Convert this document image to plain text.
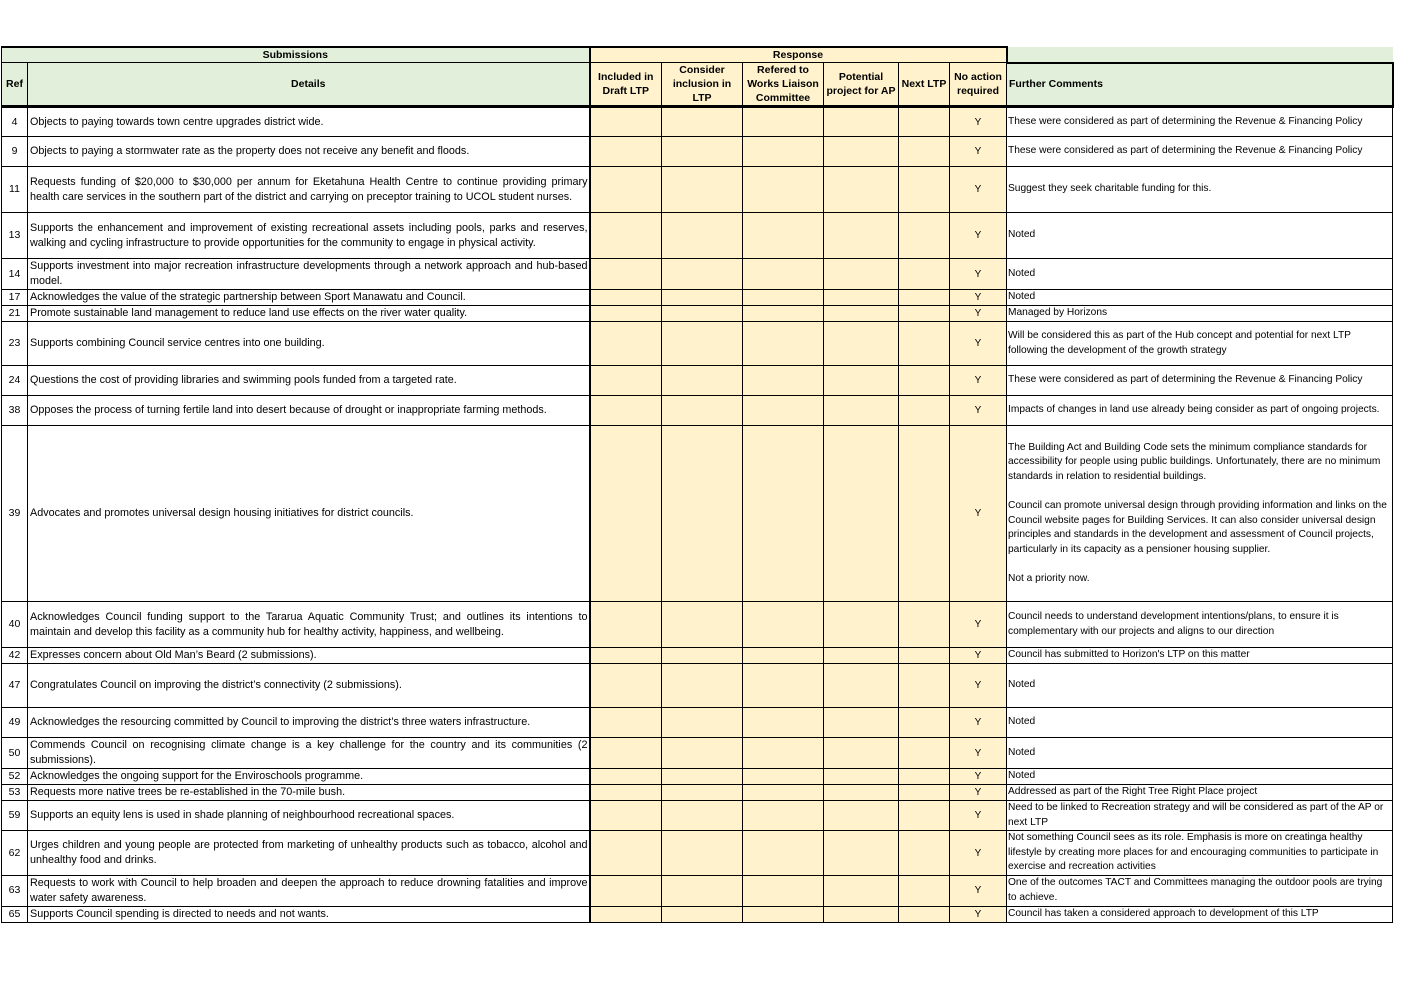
Submissions		Response						
Ref	Details	Included in Draft LTP	Consider inclusion in LTP	Refered to Works Liaison Committee	Potential project for AP	Next LTP	No action required	Further Comments
4	Objects to paying towards town centre upgrades district wide.						Y	These were considered as part of determining the Revenue & Financing Policy
9	Objects to paying a stormwater rate as the property does not receive any benefit and floods.						Y	These were considered as part of determining the Revenue & Financing Policy
11	Requests funding of $20,000 to $30,000 per annum for Eketahuna Health Centre to continue providing primary health care services in the southern part of the district and carrying on preceptor training to UCOL student nurses.						Y	Suggest they seek charitable funding for this.
13	Supports the enhancement and improvement of existing recreational assets including pools, parks and reserves, walking and cycling infrastructure to provide opportunities for the community to engage in physical activity.						Y	Noted
14	Supports investment into major recreation infrastructure developments through a network approach and hub-based model.						Y	Noted
17	Acknowledges the value of the strategic partnership between Sport Manawatu and Council.						Y	Noted
21	Promote sustainable land management to reduce land use effects on the river water quality.						Y	Managed by Horizons
23	Supports combining Council service centres into one building.						Y	Will be considered this as part of the Hub concept and potential for next LTP following the development of the growth strategy
24	Questions the cost of providing libraries and swimming pools funded from a targeted rate.						Y	These were considered as part of determining the Revenue & Financing Policy
38	Opposes the process of turning fertile land into desert because of drought or inappropriate farming methods.						Y	Impacts of changes in land use already being consider as part of ongoing projects.
39	Advocates and promotes universal design housing initiatives for district councils.						Y	The Building Act and Building Code sets the minimum compliance standards for accessibility for people using public buildings. Unfortunately, there are no minimum standards in relation to residential buildings.

Council can promote universal design through providing information and links on the Council website pages for Building Services. It can also consider universal design principles and standards in the development and assessment of Council projects, particularly in its capacity as a pensioner housing supplier.

Not a priority now.
40	Acknowledges Council funding support to the Tararua Aquatic Community Trust; and outlines its intentions to maintain and develop this facility as a community hub for healthy activity, happiness, and wellbeing.						Y	Council needs to understand development intentions/plans, to ensure it is complementary with our projects and aligns to our direction
42	Expresses concern about Old Man’s Beard (2 submissions).						Y	Council has submitted to Horizon's LTP on this matter
47	Congratulates Council on improving the district’s connectivity (2 submissions).						Y	Noted
49	Acknowledges the resourcing committed by Council to improving the district’s three waters infrastructure.						Y	Noted
50	Commends Council on recognising climate change is a key challenge for the country and its communities (2 submissions).						Y	Noted
52	Acknowledges the ongoing support for the Enviroschools programme.						Y	Noted
53	Requests more native trees be re-established in the 70-mile bush.						Y	Addressed as part of the Right Tree Right Place project
59	Supports an equity lens is used in shade planning of neighbourhood recreational spaces.						Y	Need to be linked to Recreation strategy and will be considered as part of the AP or next LTP
62	Urges children and young people are protected from marketing of unhealthy products such as tobacco, alcohol and unhealthy food and drinks.						Y	Not something Council sees as its role. Emphasis is more on creatinga healthy lifestyle by creating more places for and encouraging communities to participate in exercise and recreation activities
63	Requests to work with Council to help broaden and deepen the approach to reduce drowning fatalities and improve water safety awareness.						Y	One of the outcomes TACT and Committees managing the outdoor pools are trying to achieve.
65	Supports Council spending is directed to needs and not wants.						Y	Council has taken a considered approach to development of this LTP
